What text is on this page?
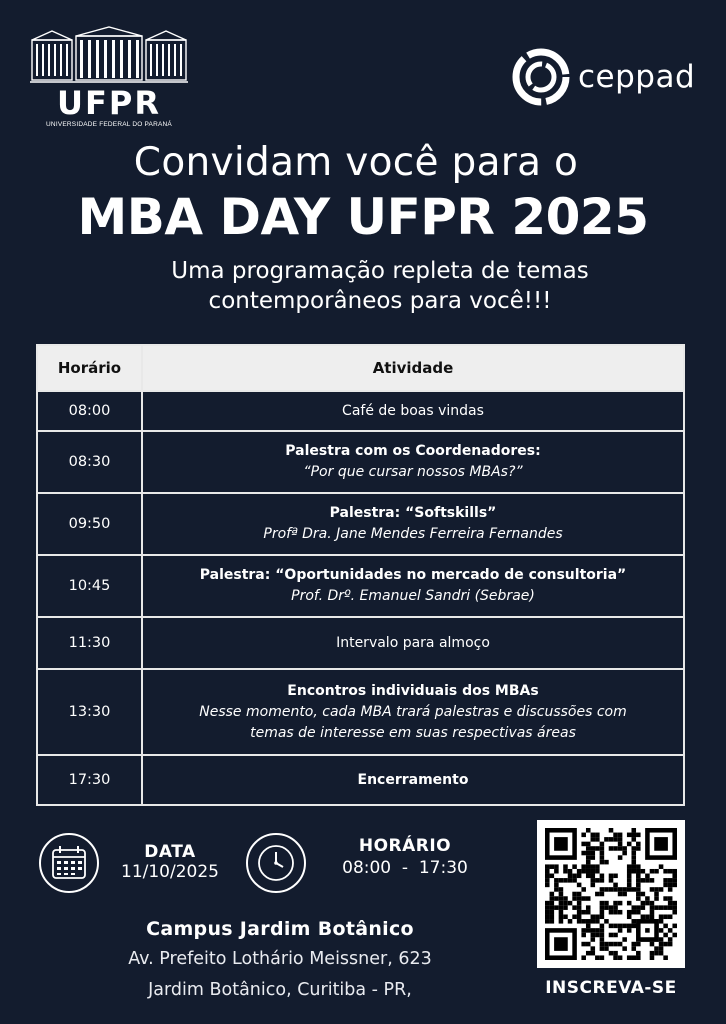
UFPR
UNIVERSIDADE FEDERAL DO PARANÁ
ceppad
Convidam você para o
MBA DAY UFPR 2025
Uma programação repleta de temas
contemporâneos para você!!!
Horário	Atividade
08:00	Café de boas vindas

08:30	Palestra com os Coordenadores:
“Por que cursar nossos MBAs?”

09:50	Palestra: “Softskills”
Profª Dra. Jane Mendes Ferreira Fernandes

10:45	Palestra: “Oportunidades no mercado de consultoria”
Prof. Drº. Emanuel Sandri (Sebrae)

11:30	Intervalo para almoço

13:30	Encontros individuais dos MBAs
Nesse momento, cada MBA trará palestras e discussões com
temas de interesse em suas respectivas áreas

17:30	Encerramento
DATA
11/10/2025
HORÁRIO
08:00  -  17:30
Campus Jardim Botânico
Av. Prefeito Lothário Meissner, 623
Jardim Botânico, Curitiba - PR,	INSCREVA-SE
